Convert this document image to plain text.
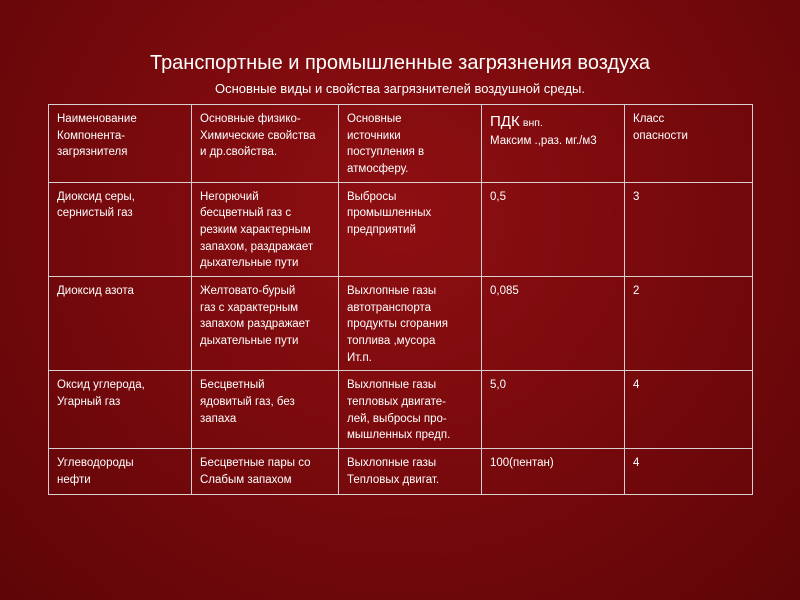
Транспортные и промышленные загрязнения воздуха
Основные виды и свойства загрязнителей воздушной среды.
Наименование
Компонента-
загрязнителя	Основные физико-
Химические свойства
и др.свойства.	Основные
источники
поступления в
атмосферу.	ПДК внп.
Максим .,раз. мг./м3	Класс
опасности
Диоксид серы,
сернистый газ	Негорючий
бесцветный газ с
резким характерным
запахом, раздражает
дыхательные пути	Выбросы
промышленных
предприятий	0,5	3
Диоксид азота	Желтовато-бурый
газ с характерным
запахом раздражает
дыхательные пути	Выхлопные газы
автотранспорта
продукты сгорания
топлива ,мусора
Ит.п.	0,085	2
Оксид углерода,
Угарный газ	Бесцветный
ядовитый газ, без
запаха	Выхлопные газы
тепловых двигате-
лей, выбросы про-
мышленных предп.	5,0	4
Углеводороды
нефти	Бесцветные пары со
Слабым запахом	Выхлопные газы
Тепловых двигат.	100(пентан)	4
